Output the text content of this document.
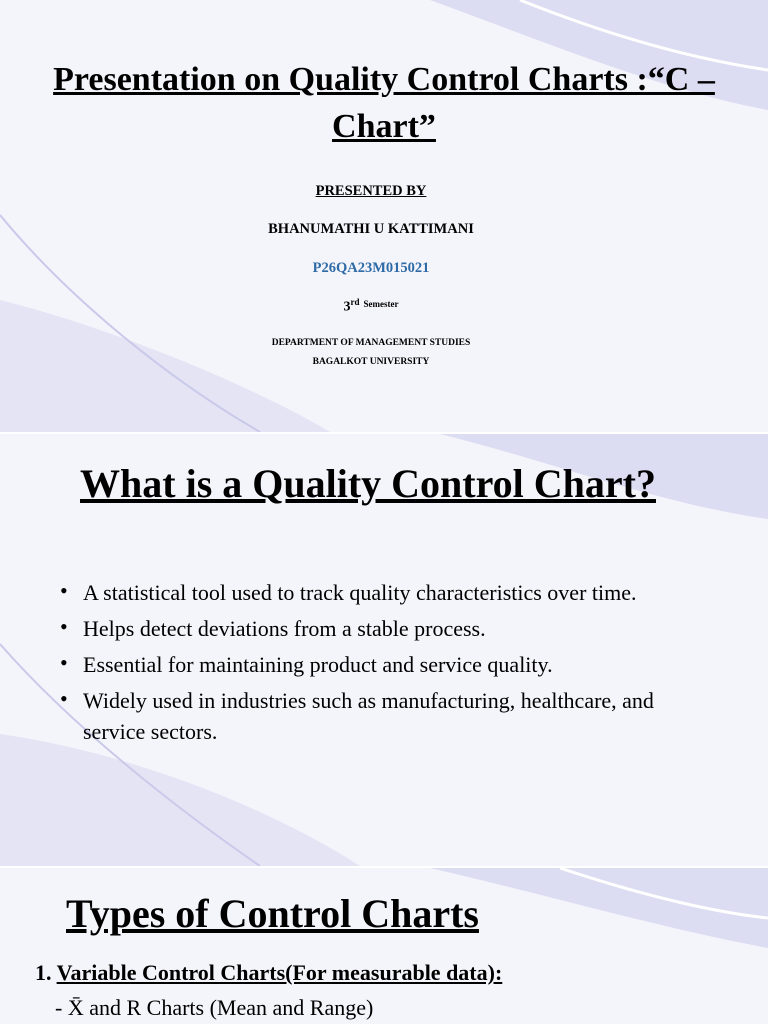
Presentation on Quality Control Charts :“C – Chart”
PRESENTED BY
BHANUMATHI U KATTIMANI
P26QA23M015021
3rd $^{Semester}$
DEPARTMENT OF MANAGEMENT STUDIES
BAGALKOT UNIVERSITY
What is a Quality Control Chart?
• A statistical tool used to track quality characteristics over time.
• Helps detect deviations from a stable process.
• Essential for maintaining product and service quality.
• Widely used in industries such as manufacturing, healthcare, and service sectors.
Types of Control Charts
1. Variable Control Charts(For measurable data):
- X̄ and R Charts (Mean and Range)
